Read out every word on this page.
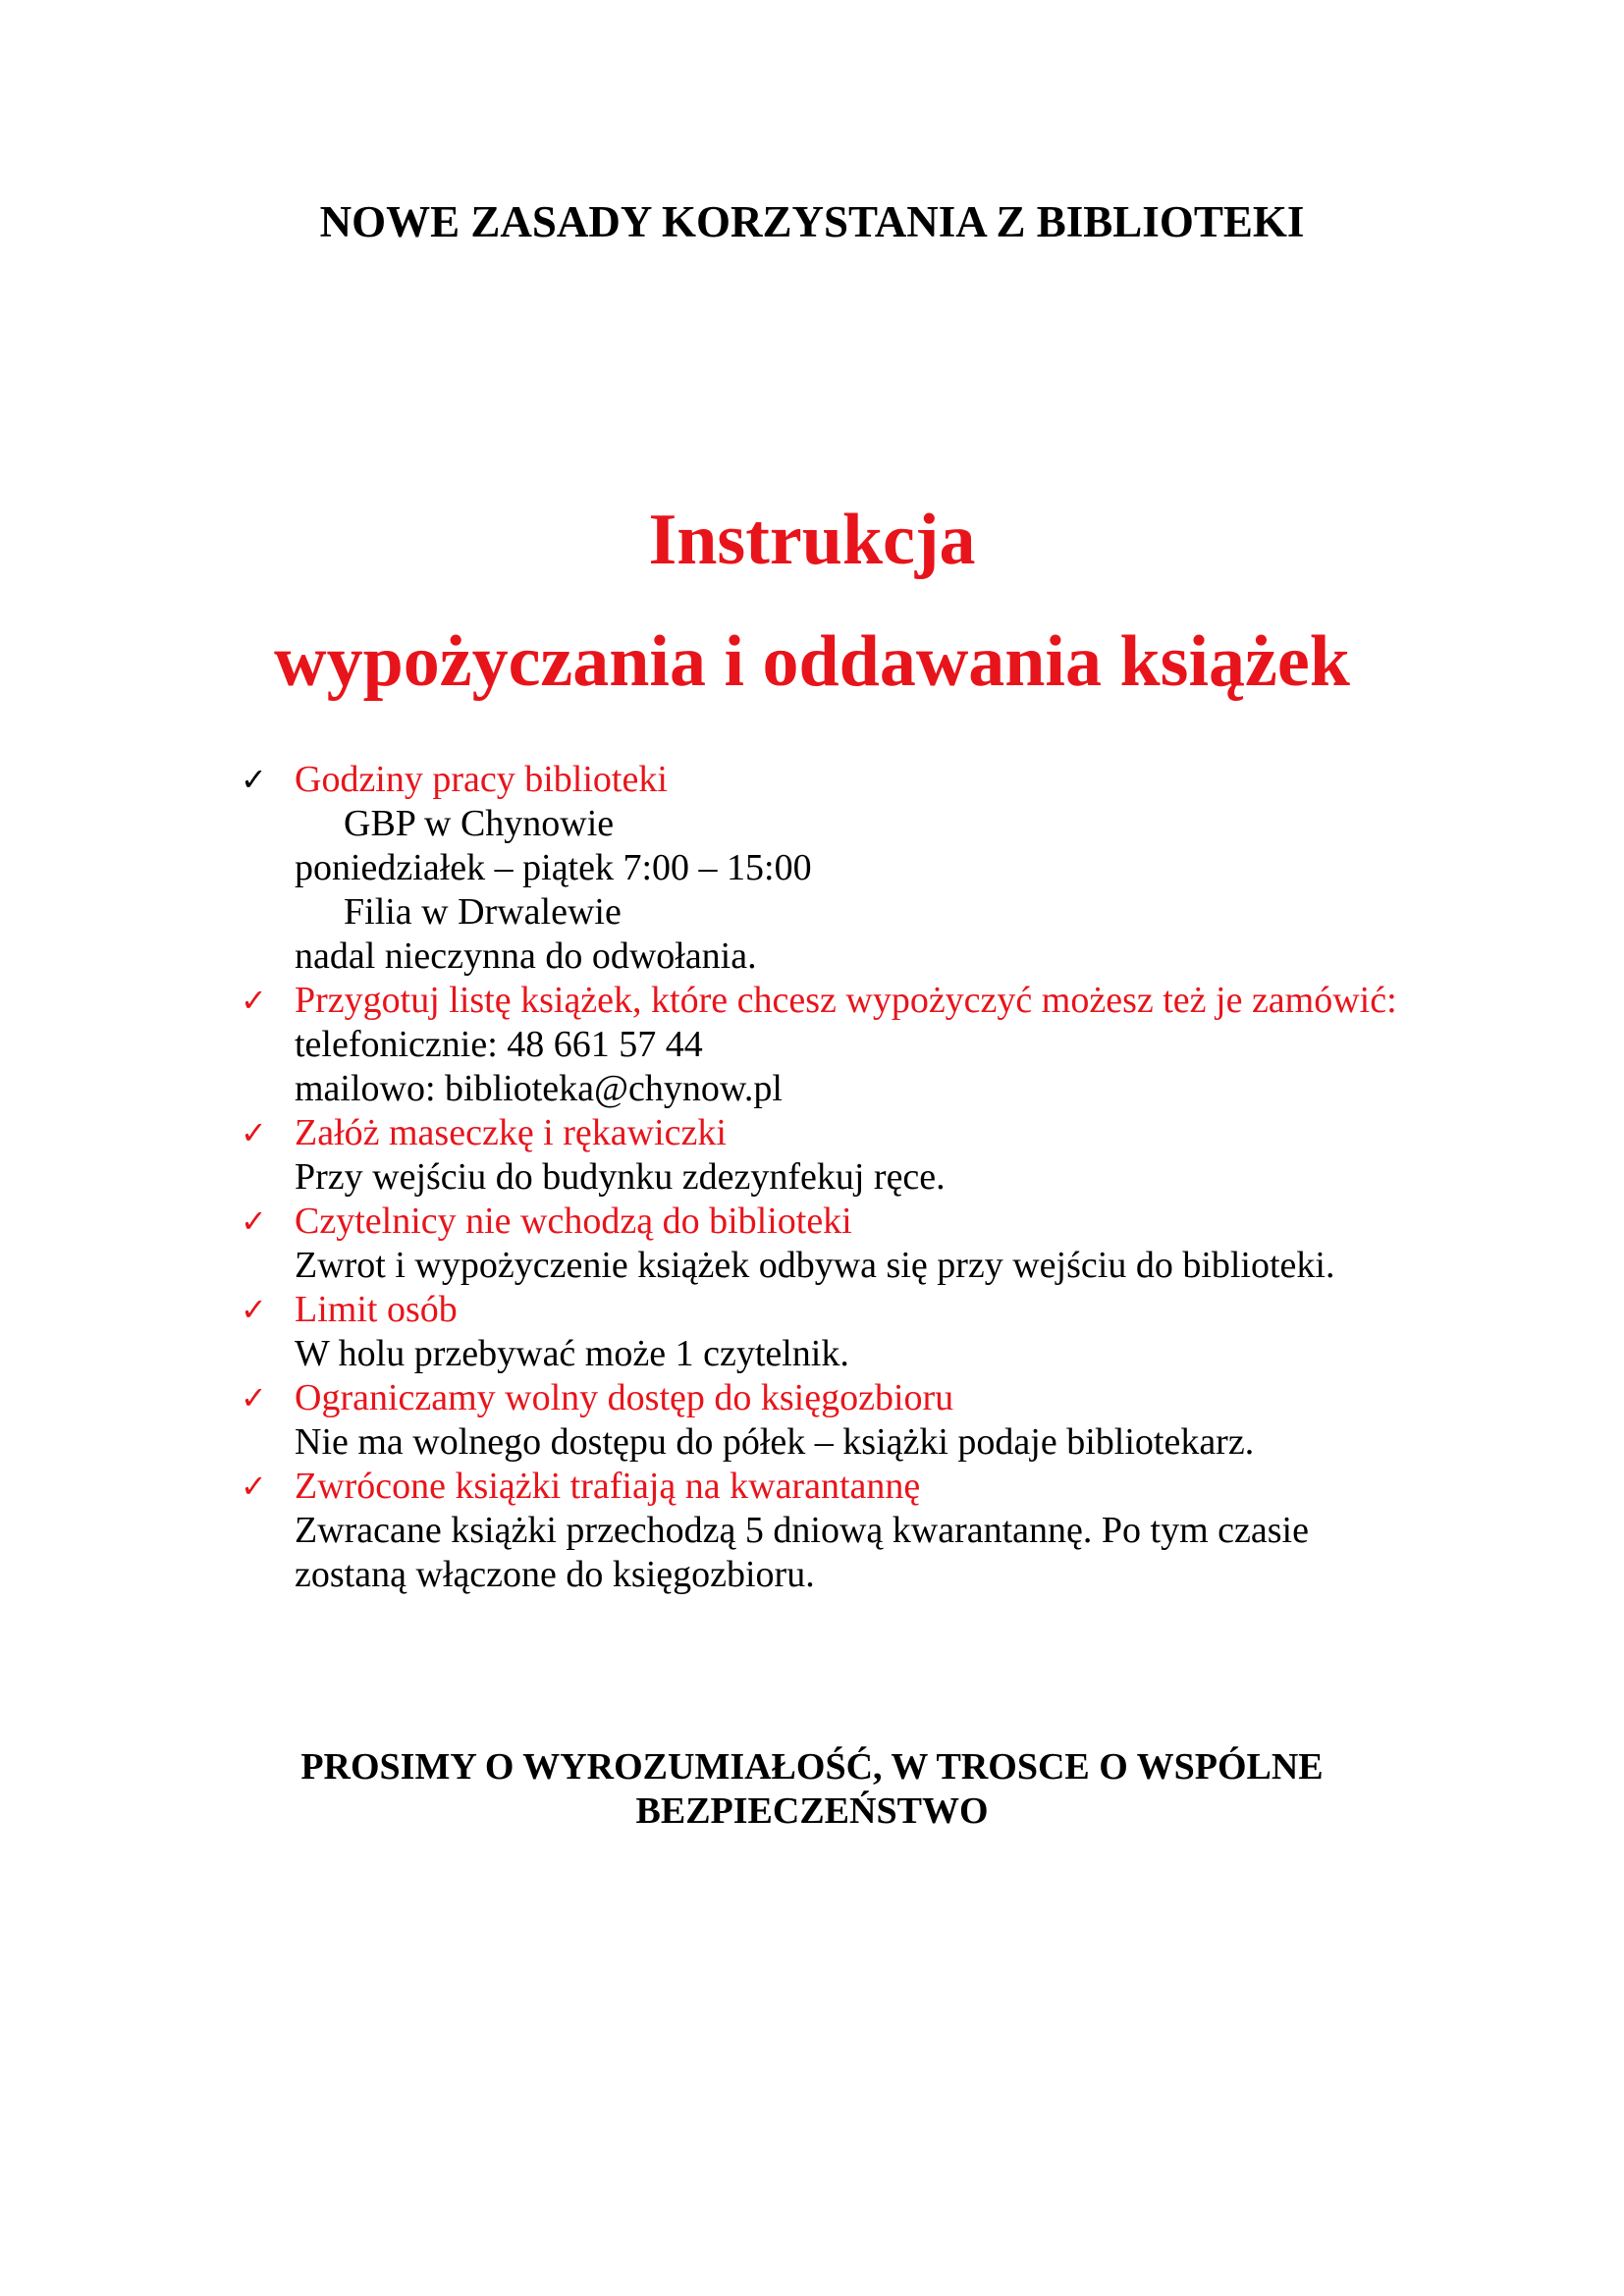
NOWE ZASADY KORZYSTANIA Z BIBLIOTEKI
Instrukcja
wypożyczania i oddawania książek
✓ Godziny pracy biblioteki
GBP w Chynowie
poniedziałek – piątek 7:00 – 15:00
Filia w Drwalewie
nadal nieczynna do odwołania.
✓ Przygotuj listę książek, które chcesz wypożyczyć możesz też je zamówić:
telefonicznie: 48 661 57 44
mailowo: biblioteka@chynow.pl
✓ Załóż maseczkę i rękawiczki
Przy wejściu do budynku zdezynfekuj ręce.
✓ Czytelnicy nie wchodzą do biblioteki
Zwrot i wypożyczenie książek odbywa się przy wejściu do biblioteki.
✓ Limit osób
W holu przebywać może 1 czytelnik.
✓ Ograniczamy wolny dostęp do księgozbioru
Nie ma wolnego dostępu do półek – książki podaje bibliotekarz.
✓ Zwrócone książki trafiają na kwarantannę
Zwracane książki przechodzą 5 dniową kwarantannę. Po tym czasie
zostaną włączone do księgozbioru.

PROSIMY O WYROZUMIAŁOŚĆ, W TROSCE O WSPÓLNE
BEZPIECZEŃSTWO
